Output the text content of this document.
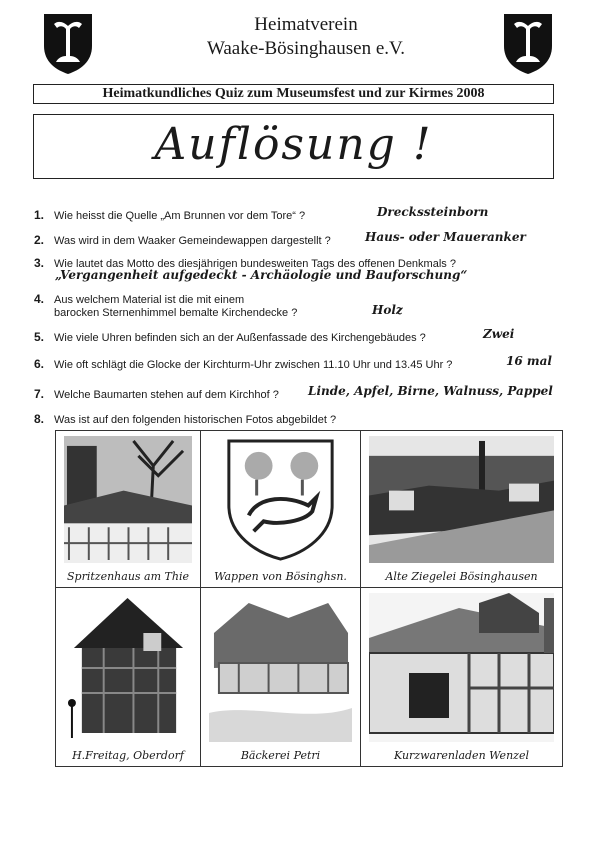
Heimatverein
Waake-Bösinghausen e.V.
Heimatkundliches Quiz zum Museumsfest und zur Kirmes 2008
Auflösung !
1. Wie heisst die Quelle „Am Brunnen vor dem Tore“ ?	Dreckssteinborn
2. Was wird in dem Waaker Gemeindewappen dargestellt ?	Haus- oder Maueranker
3. Wie lautet das Motto des diesjährigen bundesweiten Tags des offenen Denkmals ?
„Vergangenheit aufgedeckt - Archäologie und Bauforschung“
4. Aus welchem Material ist die mit einem
barocken Sternenhimmel bemalte Kirchendecke ?	Holz
5. Wie viele Uhren befinden sich an der Außenfassade des Kirchengebäudes ?	Zwei
6. Wie oft schlägt die Glocke der Kirchturm-Uhr zwischen 11.10 Uhr und 13.45 Uhr ?	16 mal
7. Welche Baumarten stehen auf dem Kirchhof ?	Linde, Apfel, Birne, Walnuss, Pappel
8. Was ist auf den folgenden historischen Fotos abgebildet ?
Spritzenhaus am Thie	Wappen von Bösinghsn.	Alte Ziegelei Bösinghausen
H.Freitag, Oberdorf	Bäckerei Petri	Kurzwarenladen Wenzel
